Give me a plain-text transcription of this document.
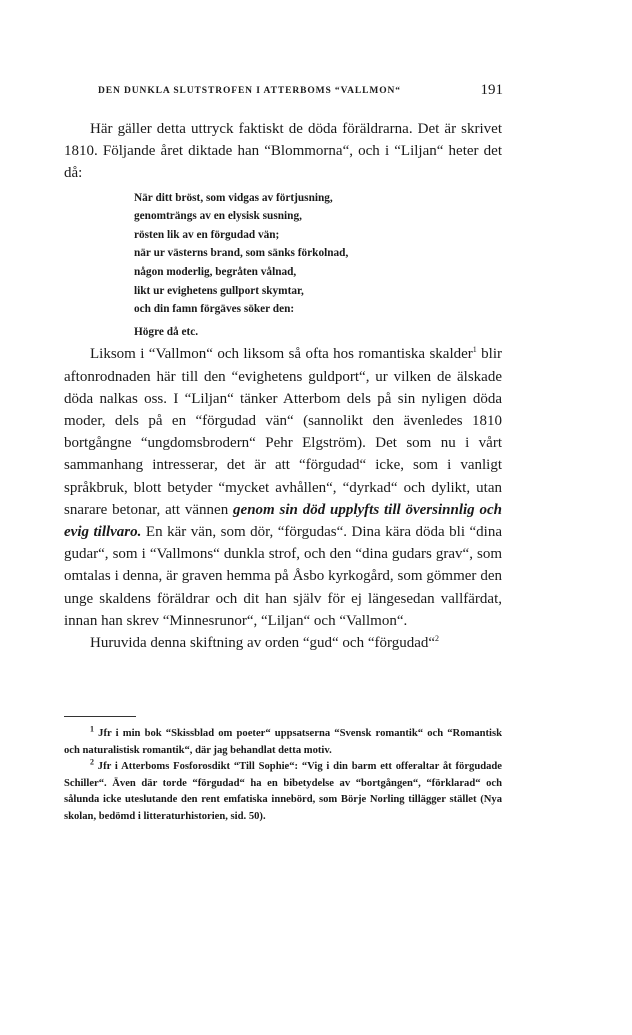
DEN DUNKLA SLUTSTROFEN I ATTERBOMS “VALLMON“	191

Här gäller detta uttryck faktiskt de döda föräldrarna. Det är skrivet 1810. Följande året diktade han “Blommorna“, och i “Liljan“ heter det då:

När ditt bröst, som vidgas av förtjusning,
genomträngs av en elysisk susning,
rösten lik av en förgudad vän;
när ur västerns brand, som sänks förkolnad,
någon moderlig, begråten vålnad,
likt ur evighetens gullport skymtar,
och din famn förgäves söker den:
Högre då etc.

Liksom i “Vallmon“ och liksom så ofta hos romantiska skalder$^1$ blir aftonrodnaden här till den “evighetens guldport“, ur vilken de älskade döda nalkas oss. I “Liljan“ tänker Atterbom dels på sin nyligen döda moder, dels på en “förgudad vän“ (sannolikt den ävenledes 1810 bortgångne “ungdomsbrodern“ Pehr Elgström). Det som nu i vårt sammanhang intresserar, det är att “förgudad“ icke, som i vanligt språkbruk, blott betyder “mycket avhållen“, “dyrkad“ och dylikt, utan snarare betonar, att vännen genom sin död upplyfts till översinnlig och evig tillvaro. En kär vän, som dör, “förgudas“. Dina kära döda bli “dina gudar“, som i “Vallmons“ dunkla strof, och den “dina gudars grav“, som omtalas i denna, är graven hemma på Åsbo kyrkogård, som gömmer den unge skaldens föräldrar och dit han själv för ej längesedan vallfärdat, innan han skrev “Minnesrunor“, “Liljan“ och “Vallmon“.

Huruvida denna skiftning av orden “gud“ och “förgudad“$^2$

$^1$ Jfr i min bok “Skissblad om poeter“ uppsatserna “Svensk romantik“ och “Romantisk och naturalistisk romantik“, där jag behandlat detta motiv.

$^2$ Jfr i Atterboms Fosforosdikt “Till Sophie“: “Vig i din barm ett offeraltar åt förgudade Schiller“. Även där torde “förgudad“ ha en bibetydelse av “bortgången“, “förklarad“ och sålunda icke uteslutande den rent emfatiska innebörd, som Börje Norling tillägger stället (Nya skolan, bedömd i litteraturhistorien, sid. 50).
